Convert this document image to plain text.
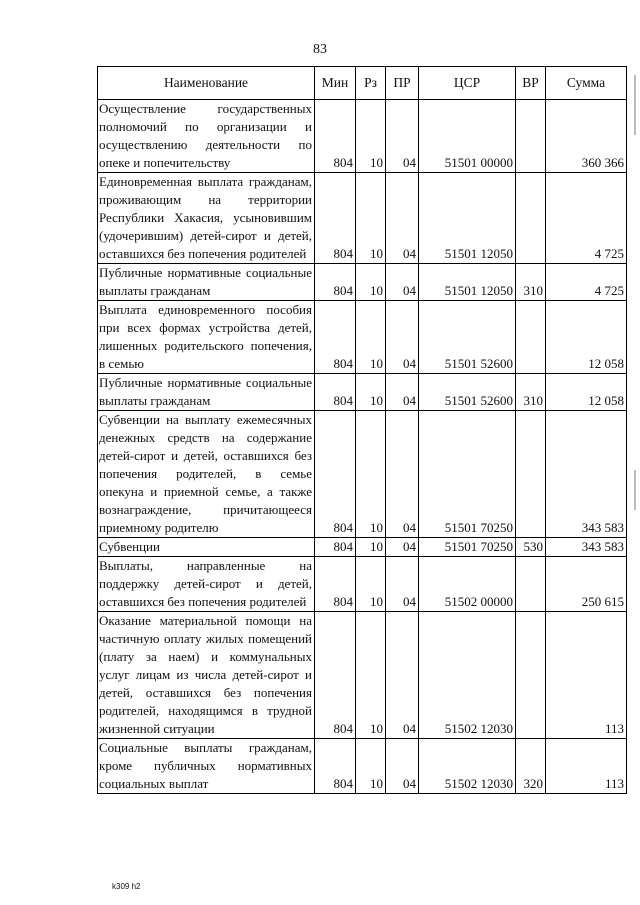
83
Наименование	Мин	Рз	ПР	ЦСР	ВР	Сумма
Осуществление государственных полномочий по организации и осуществлению деятельности по опеке и попечительству	804	10	04	51501 00000		360 366
Единовременная выплата гражданам, проживающим на территории Республики Хакасия, усыновившим (удочерившим) детей-сирот и детей, оставшихся без попечения родителей	804	10	04	51501 12050		4 725
Публичные нормативные социальные выплаты гражданам	804	10	04	51501 12050	310	4 725
Выплата единовременного пособия при всех формах устройства детей, лишенных родительского попечения, в семью	804	10	04	51501 52600		12 058
Публичные нормативные социальные выплаты гражданам	804	10	04	51501 52600	310	12 058
Субвенции на выплату ежемесячных денежных средств на содержание детей-сирот и детей, оставшихся без попечения родителей, в семье опекуна и приемной семье, а также вознаграждение, причитающееся приемному родителю	804	10	04	51501 70250		343 583
Субвенции	804	10	04	51501 70250	530	343 583
Выплаты, направленные на поддержку детей-сирот и детей, оставшихся без попечения родителей	804	10	04	51502 00000		250 615
Оказание материальной помощи на частичную оплату жилых помещений (плату за наем) и коммунальных услуг лицам из числа детей-сирот и детей, оставшихся без попечения родителей, находящимся в трудной жизненной ситуации	804	10	04	51502 12030		113
Социальные выплаты гражданам, кроме публичных нормативных социальных выплат	804	10	04	51502 12030	320	113
k309 h2
